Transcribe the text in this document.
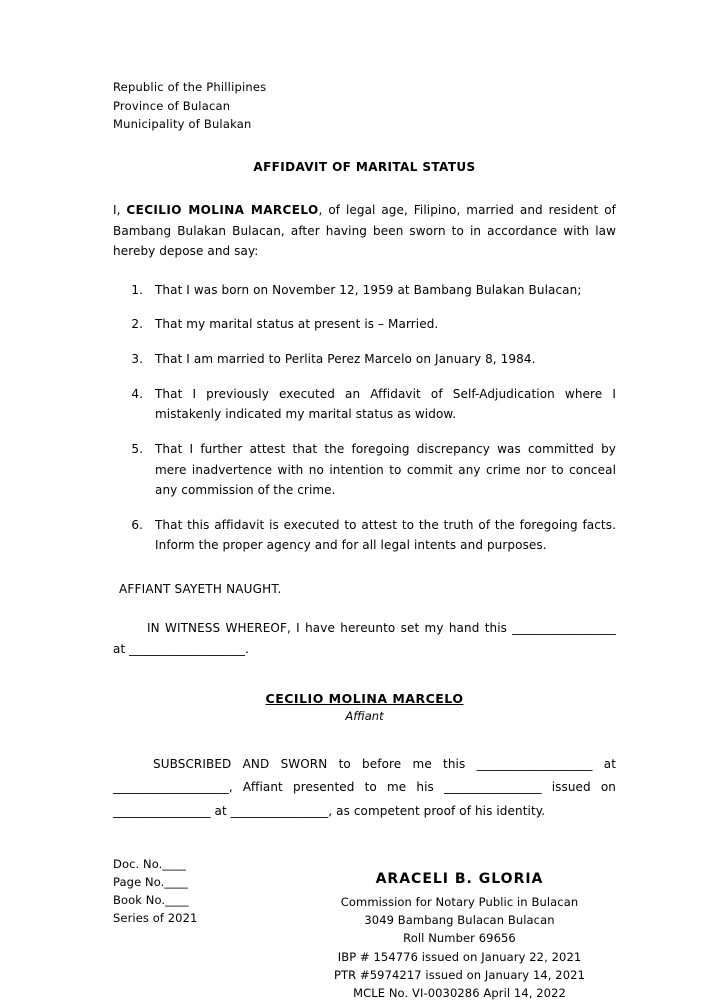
Republic of the Phillipines
Province of Bulacan
Municipality of Bulakan
AFFIDAVIT OF MARITAL STATUS

I, CECILIO MOLINA MARCELO, of legal age, Filipino, married and resident of Bambang Bulakan Bulacan, after having been sworn to in accordance with law hereby depose and say:

1. That I was born on November 12, 1959 at Bambang Bulakan Bulacan;
2. That my marital status at present is – Married.
3. That I am married to Perlita Perez Marcelo on January 8, 1984.
4. That I previously executed an Affidavit of Self-Adjudication where I mistakenly indicated my marital status as widow.
5. That I further attest that the foregoing discrepancy was committed by mere inadvertence with no intention to commit any crime nor to conceal any commission of the crime.
6. That this affidavit is executed to attest to the truth of the foregoing facts. Inform the proper agency and for all legal intents and purposes.
AFFIANT SAYETH NAUGHT.

IN WITNESS WHEREOF, I have hereunto set my hand this _________________ at ___________________.

CECILIO MOLINA MARCELO
Affiant

SUBSCRIBED AND SWORN to before me this ___________________ at ___________________, Affiant presented to me his ________________ issued on ________________ at ________________, as competent proof of his identity.

Doc. No.____
Page No.____
Book No.____
Series of 2021
ARACELI B. GLORIA
Commission for Notary Public in Bulacan
3049 Bambang Bulacan Bulacan
Roll Number 69656
IBP # 154776 issued on January 22, 2021
PTR #5974217 issued on January 14, 2021
MCLE No. VI-0030286 April 14, 2022
